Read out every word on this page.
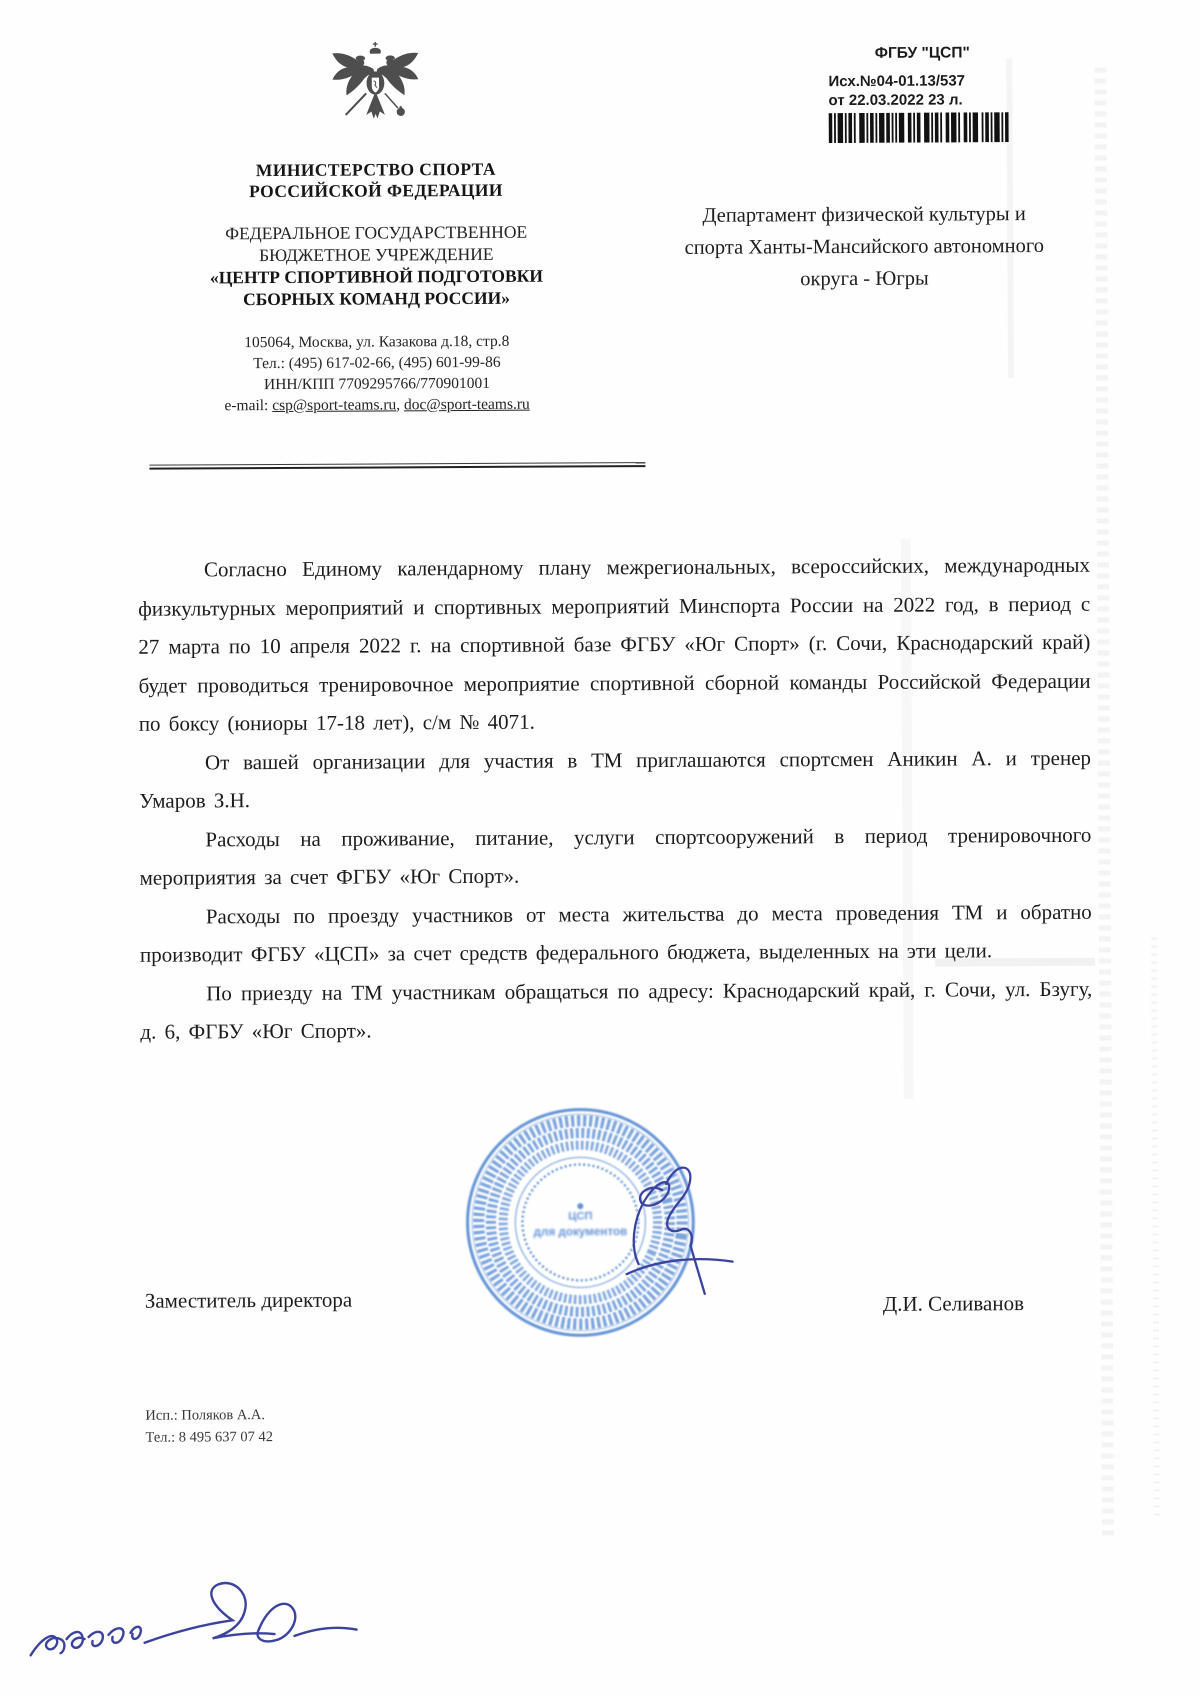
МИНИСТЕРСТВО СПОРТА
РОССИЙСКОЙ ФЕДЕРАЦИИ
ФЕДЕРАЛЬНОЕ ГОСУДАРСТВЕННОЕ
БЮДЖЕТНОЕ УЧРЕЖДЕНИЕ
«ЦЕНТР СПОРТИВНОЙ ПОДГОТОВКИ
СБОРНЫХ КОМАНД РОССИИ»
105064, Москва, ул. Казакова д.18, стр.8
Тел.: (495) 617-02-66, (495) 601-99-86
ИНН/КПП 7709295766/770901001
e-mail: csp@sport-teams.ru, doc@sport-teams.ru
ФГБУ "ЦСП"
Исх.№04-01.13/537
от 22.03.2022 23 л.
Департамент физической культуры и
спорта Ханты-Мансийского автономного
округа - Югры

Согласно Единому календарному плану межрегиональных, всероссийских, международных физкультурных мероприятий и спортивных мероприятий Минспорта России на 2022 год, в период с 27 марта по 10 апреля 2022 г. на спортивной базе ФГБУ «Юг Спорт» (г. Сочи, Краснодарский край) будет проводиться тренировочное мероприятие спортивной сборной команды Российской Федерации по боксу (юниоры 17-18 лет), с/м № 4071.

От вашей организации для участия в ТМ приглашаются спортсмен Аникин А. и тренер Умаров З.Н.

Расходы на проживание, питание, услуги спортсооружений в период тренировочного мероприятия за счет ФГБУ «Юг Спорт».

Расходы по проезду участников от места жительства до места проведения ТМ и обратно производит ФГБУ «ЦСП» за счет средств федерального бюджета, выделенных на эти цели.

По приезду на ТМ участникам обращаться по адресу: Краснодарский край, г. Сочи, ул. Бзугу, д. 6, ФГБУ «Юг Спорт».

ЦСП
для документов
Заместитель директора	Д.И. Селиванов
Исп.: Поляков А.А.
Тел.: 8 495 637 07 42
